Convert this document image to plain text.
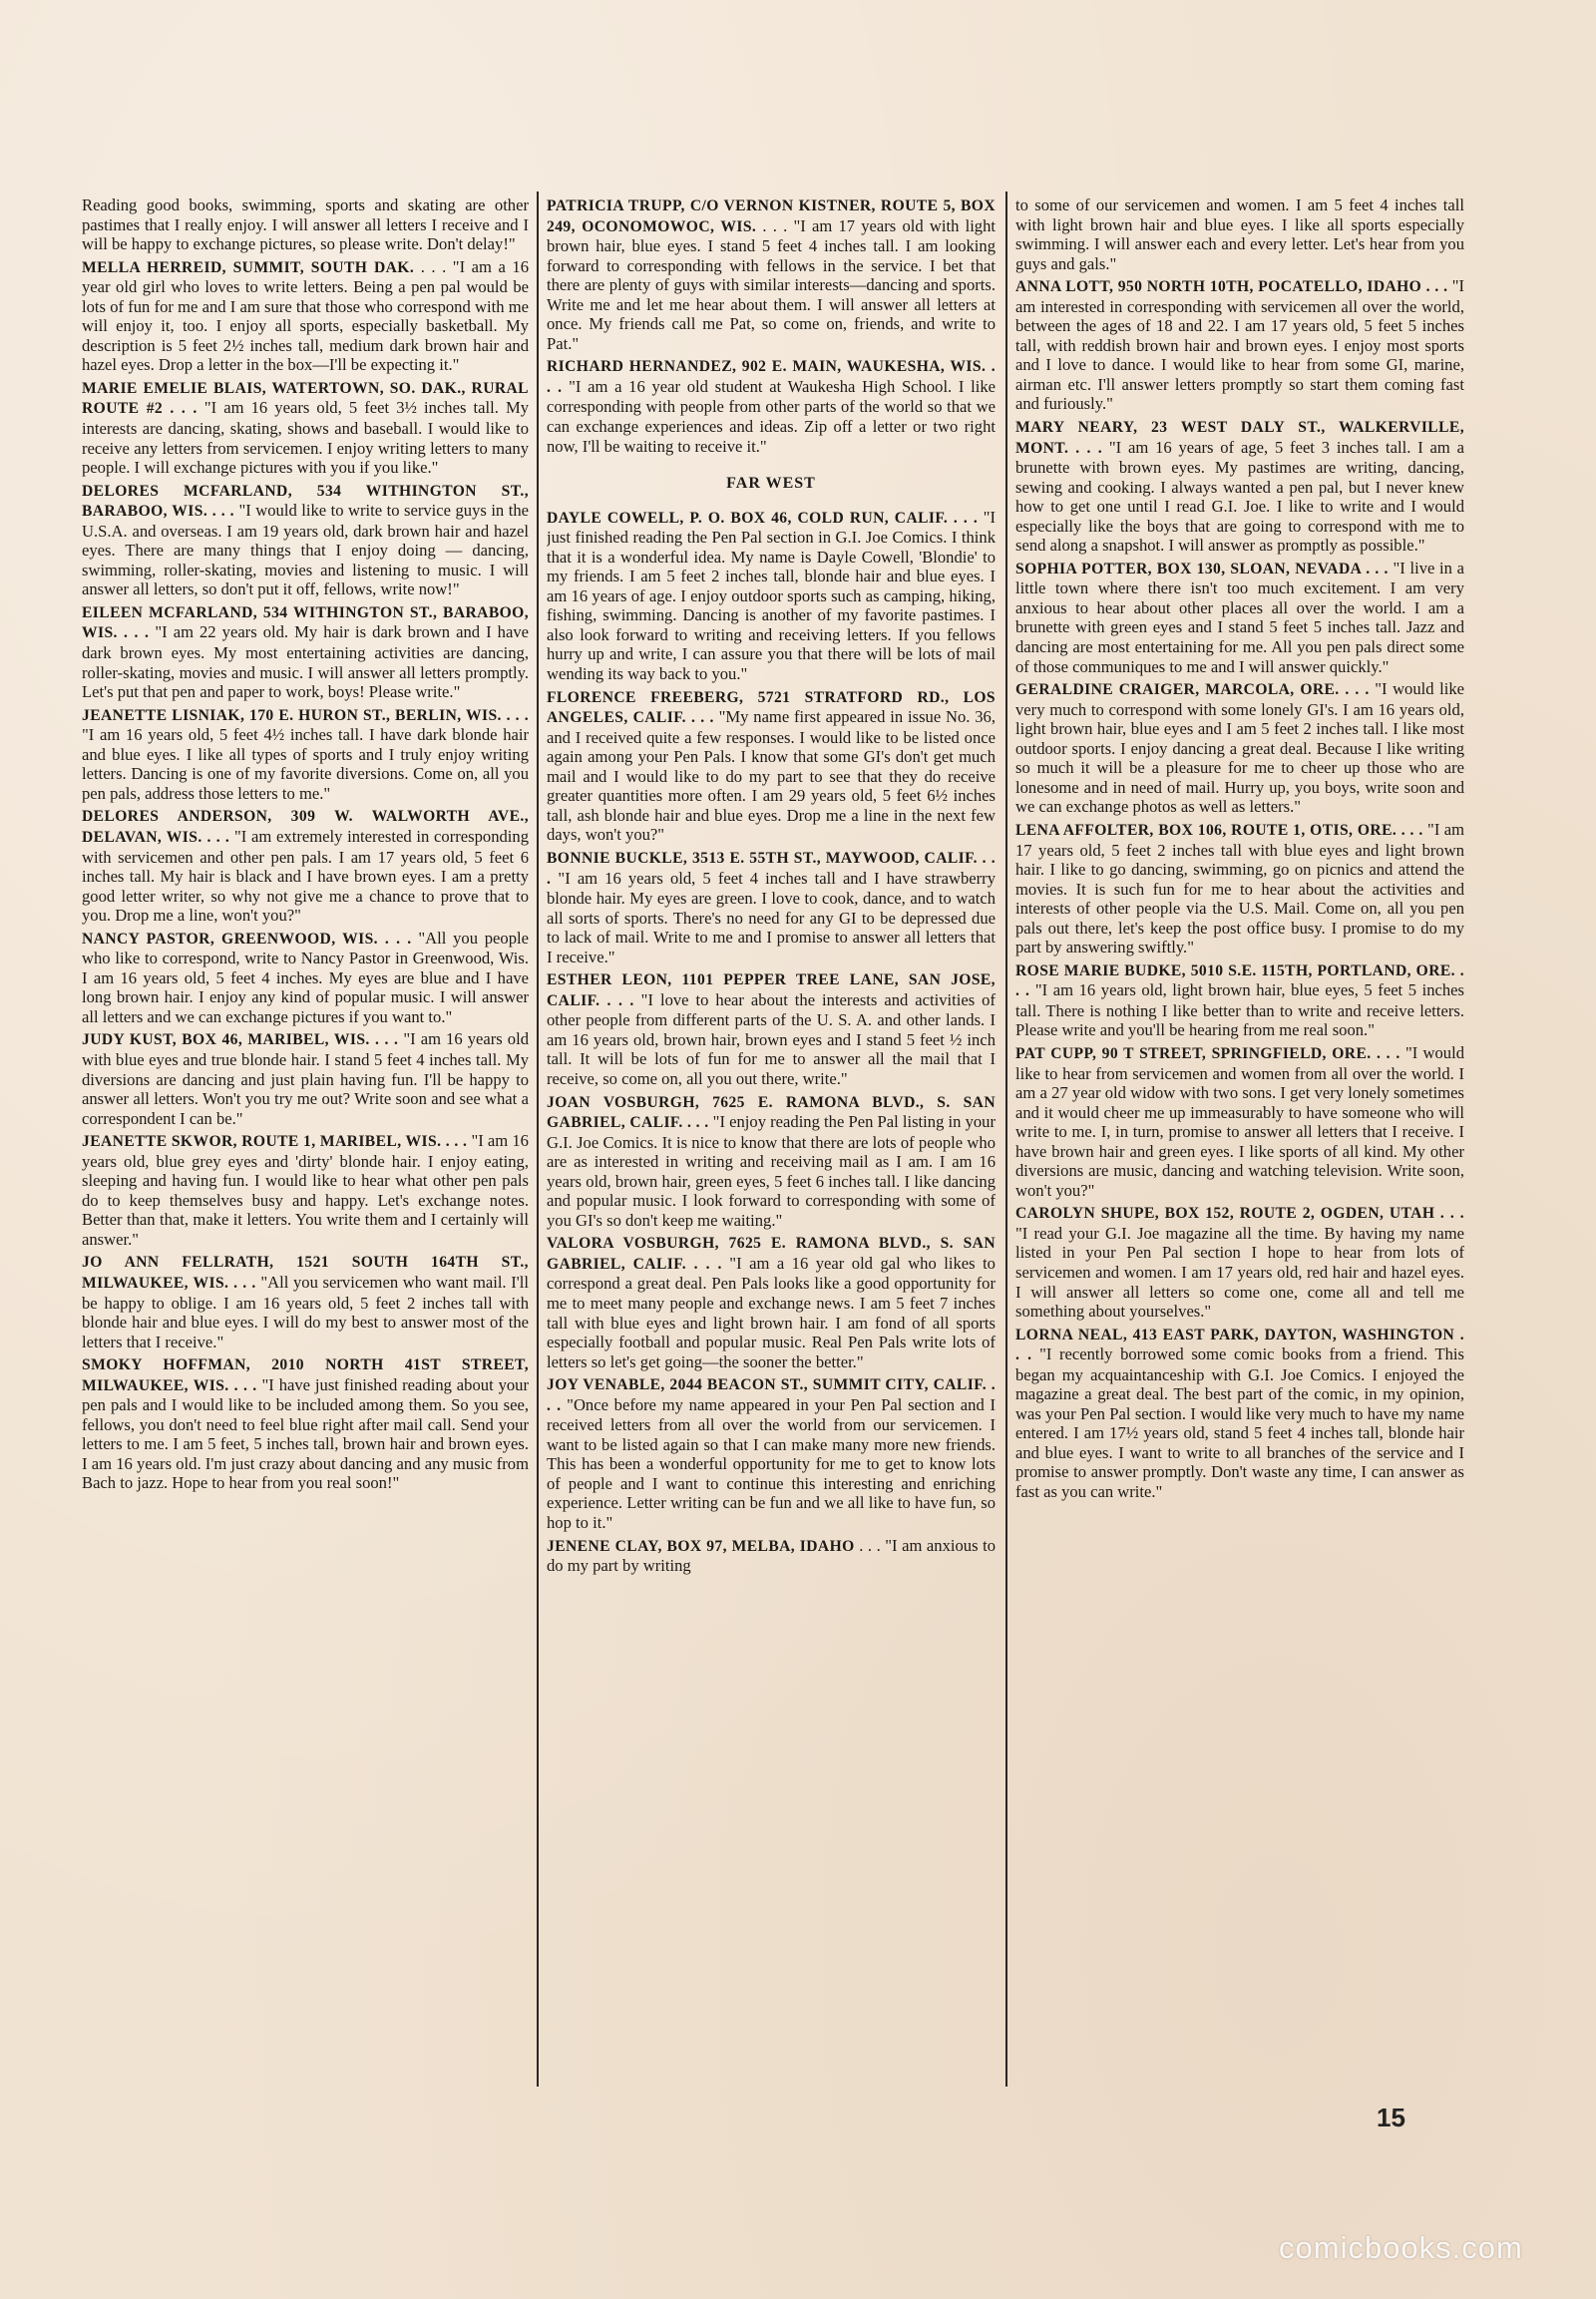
Reading good books, swimming, sports and skating are other pastimes that I really enjoy. I will answer all letters I receive and I will be happy to exchange pictures, so please write. Don't delay!"

MELLA HERREID, SUMMIT, SOUTH DAK. . . . "I am a 16 year old girl who loves to write letters. Being a pen pal would be lots of fun for me and I am sure that those who correspond with me will enjoy it, too. I enjoy all sports, especially basketball. My description is 5 feet 2½ inches tall, medium dark brown hair and hazel eyes. Drop a letter in the box—I'll be expecting it."

MARIE EMELIE BLAIS, WATERTOWN, SO. DAK., RURAL ROUTE #2 . . . "I am 16 years old, 5 feet 3½ inches tall. My interests are dancing, skating, shows and baseball. I would like to receive any letters from servicemen. I enjoy writing letters to many people. I will exchange pictures with you if you like."

DELORES MCFARLAND, 534 WITHINGTON ST., BARABOO, WIS. . . . "I would like to write to service guys in the U.S.A. and overseas. I am 19 years old, dark brown hair and hazel eyes. There are many things that I enjoy doing — dancing, swimming, roller-skating, movies and listening to music. I will answer all letters, so don't put it off, fellows, write now!"

EILEEN MCFARLAND, 534 WITHINGTON ST., BARABOO, WIS. . . . "I am 22 years old. My hair is dark brown and I have dark brown eyes. My most entertaining activities are dancing, roller-skating, movies and music. I will answer all letters promptly. Let's put that pen and paper to work, boys! Please write."

JEANETTE LISNIAK, 170 E. HURON ST., BERLIN, WIS. . . . "I am 16 years old, 5 feet 4½ inches tall. I have dark blonde hair and blue eyes. I like all types of sports and I truly enjoy writing letters. Dancing is one of my favorite diversions. Come on, all you pen pals, address those letters to me."

DELORES ANDERSON, 309 W. WALWORTH AVE., DELAVAN, WIS. . . . "I am extremely interested in corresponding with servicemen and other pen pals. I am 17 years old, 5 feet 6 inches tall. My hair is black and I have brown eyes. I am a pretty good letter writer, so why not give me a chance to prove that to you. Drop me a line, won't you?"

NANCY PASTOR, GREENWOOD, WIS. . . . "All you people who like to correspond, write to Nancy Pastor in Greenwood, Wis. I am 16 years old, 5 feet 4 inches. My eyes are blue and I have long brown hair. I enjoy any kind of popular music. I will answer all letters and we can exchange pictures if you want to."

JUDY KUST, BOX 46, MARIBEL, WIS. . . . "I am 16 years old with blue eyes and true blonde hair. I stand 5 feet 4 inches tall. My diversions are dancing and just plain having fun. I'll be happy to answer all letters. Won't you try me out? Write soon and see what a correspondent I can be."

JEANETTE SKWOR, ROUTE 1, MARIBEL, WIS. . . . "I am 16 years old, blue grey eyes and 'dirty' blonde hair. I enjoy eating, sleeping and having fun. I would like to hear what other pen pals do to keep themselves busy and happy. Let's exchange notes. Better than that, make it letters. You write them and I certainly will answer."

JO ANN FELLRATH, 1521 SOUTH 164TH ST., MILWAUKEE, WIS. . . . "All you servicemen who want mail. I'll be happy to oblige. I am 16 years old, 5 feet 2 inches tall with blonde hair and blue eyes. I will do my best to answer most of the letters that I receive."

SMOKY HOFFMAN, 2010 NORTH 41ST STREET, MILWAUKEE, WIS. . . . "I have just finished reading about your pen pals and I would like to be included among them. So you see, fellows, you don't need to feel blue right after mail call. Send your letters to me. I am 5 feet, 5 inches tall, brown hair and brown eyes. I am 16 years old. I'm just crazy about dancing and any music from Bach to jazz. Hope to hear from you real soon!"

PATRICIA TRUPP, C/O VERNON KISTNER, ROUTE 5, BOX 249, OCONOMOWOC, WIS. . . . "I am 17 years old with light brown hair, blue eyes. I stand 5 feet 4 inches tall. I am looking forward to corresponding with fellows in the service. I bet that there are plenty of guys with similar interests—dancing and sports. Write me and let me hear about them. I will answer all letters at once. My friends call me Pat, so come on, friends, and write to Pat."

RICHARD HERNANDEZ, 902 E. MAIN, WAUKESHA, WIS. . . . "I am a 16 year old student at Waukesha High School. I like corresponding with people from other parts of the world so that we can exchange experiences and ideas. Zip off a letter or two right now, I'll be waiting to receive it."

FAR WEST

DAYLE COWELL, P. O. BOX 46, COLD RUN, CALIF. . . . "I just finished reading the Pen Pal section in G.I. Joe Comics. I think that it is a wonderful idea. My name is Dayle Cowell, 'Blondie' to my friends. I am 5 feet 2 inches tall, blonde hair and blue eyes. I am 16 years of age. I enjoy outdoor sports such as camping, hiking, fishing, swimming. Dancing is another of my favorite pastimes. I also look forward to writing and receiving letters. If you fellows hurry up and write, I can assure you that there will be lots of mail wending its way back to you."

FLORENCE FREEBERG, 5721 STRATFORD RD., LOS ANGELES, CALIF. . . . "My name first appeared in issue No. 36, and I received quite a few responses. I would like to be listed once again among your Pen Pals. I know that some GI's don't get much mail and I would like to do my part to see that they do receive greater quantities more often. I am 29 years old, 5 feet 6½ inches tall, ash blonde hair and blue eyes. Drop me a line in the next few days, won't you?"

BONNIE BUCKLE, 3513 E. 55TH ST., MAYWOOD, CALIF. . . . "I am 16 years old, 5 feet 4 inches tall and I have strawberry blonde hair. My eyes are green. I love to cook, dance, and to watch all sorts of sports. There's no need for any GI to be depressed due to lack of mail. Write to me and I promise to answer all letters that I receive."

ESTHER LEON, 1101 PEPPER TREE LANE, SAN JOSE, CALIF. . . . "I love to hear about the interests and activities of other people from different parts of the U. S. A. and other lands. I am 16 years old, brown hair, brown eyes and I stand 5 feet ½ inch tall. It will be lots of fun for me to answer all the mail that I receive, so come on, all you out there, write."

JOAN VOSBURGH, 7625 E. RAMONA BLVD., S. SAN GABRIEL, CALIF. . . . "I enjoy reading the Pen Pal listing in your G.I. Joe Comics. It is nice to know that there are lots of people who are as interested in writing and receiving mail as I am. I am 16 years old, brown hair, green eyes, 5 feet 6 inches tall. I like dancing and popular music. I look forward to corresponding with some of you GI's so don't keep me waiting."

VALORA VOSBURGH, 7625 E. RAMONA BLVD., S. SAN GABRIEL, CALIF. . . . "I am a 16 year old gal who likes to correspond a great deal. Pen Pals looks like a good opportunity for me to meet many people and exchange news. I am 5 feet 7 inches tall with blue eyes and light brown hair. I am fond of all sports especially football and popular music. Real Pen Pals write lots of letters so let's get going—the sooner the better."

JOY VENABLE, 2044 BEACON ST., SUMMIT CITY, CALIF. . . . "Once before my name appeared in your Pen Pal section and I received letters from all over the world from our servicemen. I want to be listed again so that I can make many more new friends. This has been a wonderful opportunity for me to get to know lots of people and I want to continue this interesting and enriching experience. Letter writing can be fun and we all like to have fun, so hop to it."

JENENE CLAY, BOX 97, MELBA, IDAHO . . . "I am anxious to do my part by writing

to some of our servicemen and women. I am 5 feet 4 inches tall with light brown hair and blue eyes. I like all sports especially swimming. I will answer each and every letter. Let's hear from you guys and gals."

ANNA LOTT, 950 NORTH 10TH, POCATELLO, IDAHO . . . "I am interested in corresponding with servicemen all over the world, between the ages of 18 and 22. I am 17 years old, 5 feet 5 inches tall, with reddish brown hair and brown eyes. I enjoy most sports and I love to dance. I would like to hear from some GI, marine, airman etc. I'll answer letters promptly so start them coming fast and furiously."

MARY NEARY, 23 WEST DALY ST., WALKERVILLE, MONT. . . . "I am 16 years of age, 5 feet 3 inches tall. I am a brunette with brown eyes. My pastimes are writing, dancing, sewing and cooking. I always wanted a pen pal, but I never knew how to get one until I read G.I. Joe. I like to write and I would especially like the boys that are going to correspond with me to send along a snapshot. I will answer as promptly as possible."

SOPHIA POTTER, BOX 130, SLOAN, NEVADA . . . "I live in a little town where there isn't too much excitement. I am very anxious to hear about other places all over the world. I am a brunette with green eyes and I stand 5 feet 5 inches tall. Jazz and dancing are most entertaining for me. All you pen pals direct some of those communiques to me and I will answer quickly."

GERALDINE CRAIGER, MARCOLA, ORE. . . . "I would like very much to correspond with some lonely GI's. I am 16 years old, light brown hair, blue eyes and I am 5 feet 2 inches tall. I like most outdoor sports. I enjoy dancing a great deal. Because I like writing so much it will be a pleasure for me to cheer up those who are lonesome and in need of mail. Hurry up, you boys, write soon and we can exchange photos as well as letters."

LENA AFFOLTER, BOX 106, ROUTE 1, OTIS, ORE. . . . "I am 17 years old, 5 feet 2 inches tall with blue eyes and light brown hair. I like to go dancing, swimming, go on picnics and attend the movies. It is such fun for me to hear about the activities and interests of other people via the U.S. Mail. Come on, all you pen pals out there, let's keep the post office busy. I promise to do my part by answering swiftly."

ROSE MARIE BUDKE, 5010 S.E. 115TH, PORTLAND, ORE. . . . "I am 16 years old, light brown hair, blue eyes, 5 feet 5 inches tall. There is nothing I like better than to write and receive letters. Please write and you'll be hearing from me real soon."

PAT CUPP, 90 T STREET, SPRINGFIELD, ORE. . . . "I would like to hear from servicemen and women from all over the world. I am a 27 year old widow with two sons. I get very lonely sometimes and it would cheer me up immeasurably to have someone who will write to me. I, in turn, promise to answer all letters that I receive. I have brown hair and green eyes. I like sports of all kind. My other diversions are music, dancing and watching television. Write soon, won't you?"

CAROLYN SHUPE, BOX 152, ROUTE 2, OGDEN, UTAH . . . "I read your G.I. Joe magazine all the time. By having my name listed in your Pen Pal section I hope to hear from lots of servicemen and women. I am 17 years old, red hair and hazel eyes. I will answer all letters so come one, come all and tell me something about yourselves."

LORNA NEAL, 413 EAST PARK, DAYTON, WASHINGTON . . . "I recently borrowed some comic books from a friend. This began my acquaintanceship with G.I. Joe Comics. I enjoyed the magazine a great deal. The best part of the comic, in my opinion, was your Pen Pal section. I would like very much to have my name entered. I am 17½ years old, stand 5 feet 4 inches tall, blonde hair and blue eyes. I want to write to all branches of the service and I promise to answer promptly. Don't waste any time, I can answer as fast as you can write."

15
comicbooks.com
